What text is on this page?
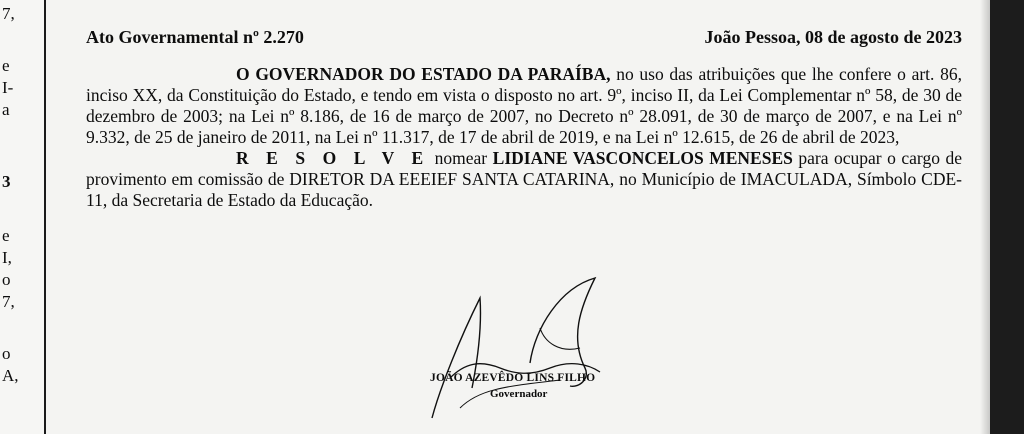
7,
e
I-
a
3
e
I,
o
7,
o
A,
Ato Governamental nº 2.270	João Pessoa, 08 de agosto de 2023

O GOVERNADOR DO ESTADO DA PARAÍBA, no uso das atribuições que lhe confere o art. 86, inciso XX, da Constituição do Estado, e tendo em vista o disposto no art. 9º, inciso II, da Lei Complementar nº 58, de 30 de dezembro de 2003; na Lei nº 8.186, de 16 de março de 2007, no Decreto nº 28.091, de 30 de março de 2007, e na Lei nº 9.332, de 25 de janeiro de 2011, na Lei nº 11.317, de 17 de abril de 2019, e na Lei nº 12.615, de 26 de abril de 2023,

R E S O L V E nomear LIDIANE VASCONCELOS MENESES para ocupar o cargo de provimento em comissão de DIRETOR DA EEEIEF SANTA CATARINA, no Município de IMACULADA, Símbolo CDE-11, da Secretaria de Estado da Educação.

JOÃO AZEVÊDO LINS FILHO
Governador
